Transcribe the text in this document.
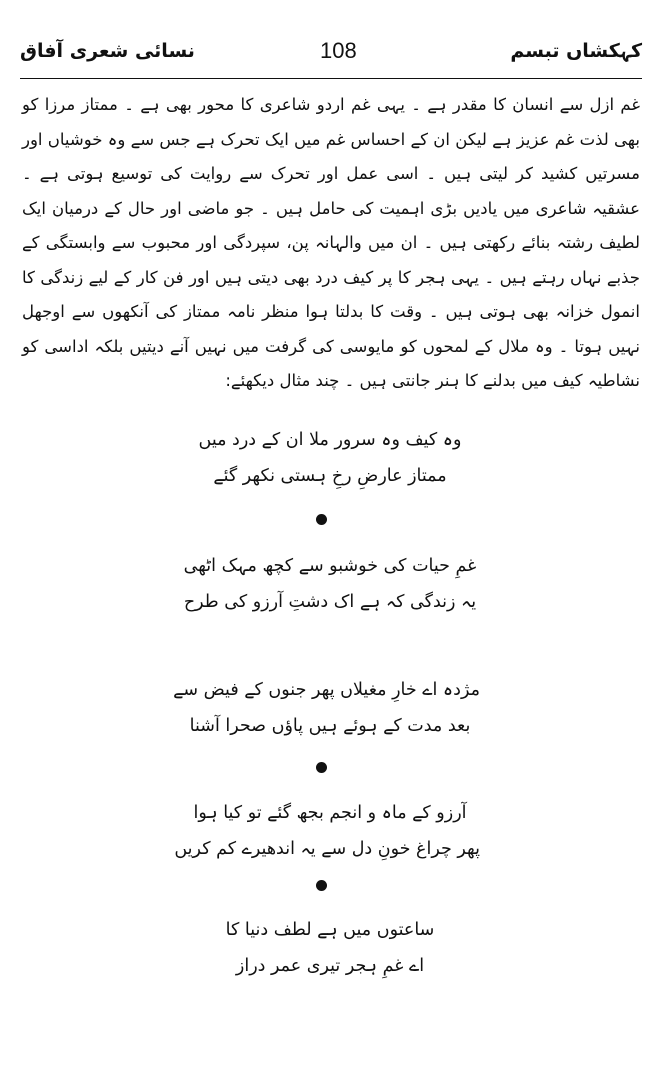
نسائی شعری آفاق	108	کہکشاں تبسم

غم ازل سے انسان کا مقدر ہے ۔ یہی غم اردو شاعری کا محور بھی ہے ۔ ممتاز مرزا کو بھی لذت غم عزیز ہے لیکن ان کے احساس غم میں ایک تحرک ہے جس سے وہ خوشیاں اور مسرتیں کشید کر لیتی ہیں ۔ اسی عمل اور تحرک سے روایت کی توسیع ہوتی ہے ۔ عشقیہ شاعری میں یادیں بڑی اہمیت کی حامل ہیں ۔ جو ماضی اور حال کے درمیان ایک لطیف رشتہ بنائے رکھتی ہیں ۔ ان میں والہانہ پن، سپردگی اور محبوب سے وابستگی کے جذبے نہاں رہتے ہیں ۔ یہی ہجر کا پر کیف درد بھی دیتی ہیں اور فن کار کے لیے زندگی کا انمول خزانہ بھی ہوتی ہیں ۔ وقت کا بدلتا ہوا منظر نامہ ممتاز کی آنکھوں سے اوجھل نہیں ہوتا ۔ وہ ملال کے لمحوں کو مایوسی کی گرفت میں نہیں آنے دیتیں بلکہ اداسی کو نشاطیہ کیف میں بدلنے کا ہنر جانتی ہیں ۔ چند مثال دیکھئے:

وہ کیف وہ سرور ملا ان کے درد میں
ممتاز عارضِ رخِ ہستی نکھر گئے
غمِ حیات کی خوشبو سے کچھ مہک اٹھی
یہ زندگی کہ ہے اک دشتِ آرزو کی طرح
مژدہ اے خارِ مغیلاں پھر جنوں کے فیض سے
بعد مدت کے ہوئے ہیں پاؤں صحرا آشنا
آرزو کے ماہ و انجم بجھ گئے تو کیا ہوا
پھر چراغ خونِ دل سے یہ اندھیرے کم کریں
ساعتوں میں ہے لطف دنیا کا
اے غمِ ہجر تیری عمر دراز
